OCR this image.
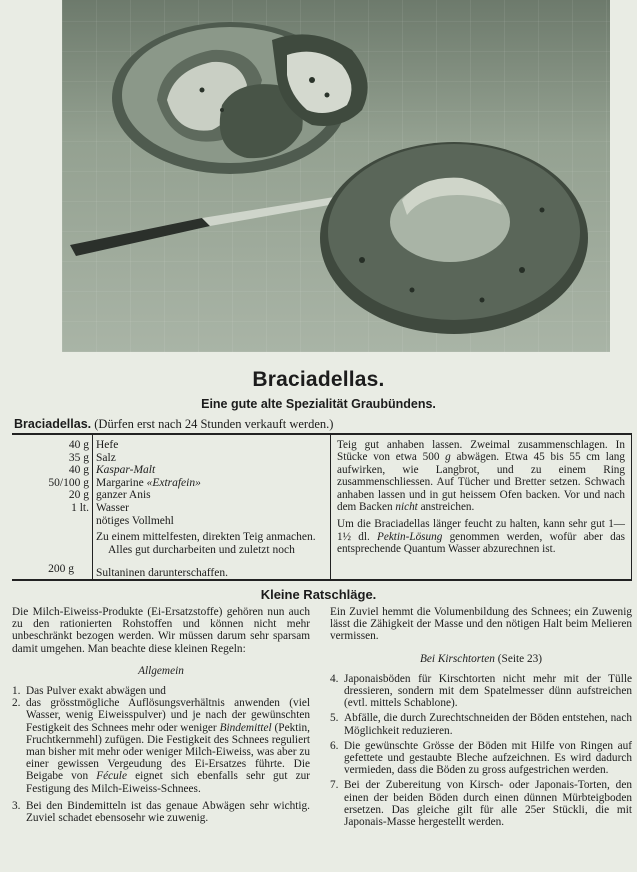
Braciadellas.
Eine gute alte Spezialität Graubündens.
Braciadellas. (Dürfen erst nach 24 Stunden verkauft werden.)
40 g
35 g
40 g
50/100 g
20 g
1 lt.
200 g
Hefe
Salz
Kaspar-Malt
Margarine «Extrafein»
ganzer Anis
Wasser
nötiges Vollmehl
Zu einem mittelfesten, direkten Teig anmachen. Alles gut durcharbeiten und zuletzt noch
Sultaninen darunterschaffen.

Teig gut anhaben lassen. Zweimal zusammenschlagen. In Stücke von etwa 500 g abwägen. Etwa 45 bis 55 cm lang aufwirken, wie Langbrot, und zu einem Ring zusammenschliessen. Auf Tücher und Bretter setzen. Schwach anhaben lassen und in gut heissem Ofen backen. Vor und nach dem Backen nicht anstreichen.

Um die Braciadellas länger feucht zu halten, kann sehr gut 1—1½ dl. Pektin-Lösung genommen werden, wofür aber das entsprechende Quantum Wasser abzurechnen ist.

Kleine Ratschläge.

Die Milch-Eiweiss-Produkte (Ei-Ersatzstoffe) gehören nun auch zu den rationierten Rohstoffen und können nicht mehr unbeschränkt bezogen werden. Wir müssen darum sehr sparsam damit umgehen. Man beachte diese kleinen Regeln:

Allgemein

1. Das Pulver exakt abwägen und
2. das grösstmögliche Auflösungsverhältnis anwenden (viel Wasser, wenig Eiweisspulver) und je nach der gewünschten Festigkeit des Schnees mehr oder weniger Bindemittel (Pektin, Fruchtkernmehl) zufügen. Die Festigkeit des Schnees reguliert man bisher mit mehr oder weniger Milch-Eiweiss, was aber zu einer gewissen Vergeudung des Ei-Ersatzes führte. Die Beigabe von Fécule eignet sich ebenfalls sehr gut zur Festigung des Milch-Eiweiss-Schnees.
3. Bei den Bindemitteln ist das genaue Abwägen sehr wichtig. Zuviel schadet ebensosehr wie zuwenig.

Ein Zuviel hemmt die Volumenbildung des Schnees; ein Zuwenig lässt die Zähigkeit der Masse und den nötigen Halt beim Melieren vermissen.

Bei Kirschtorten (Seite 23)

4. Japonaisböden für Kirschtorten nicht mehr mit der Tülle dressieren, sondern mit dem Spatelmesser dünn aufstreichen (evtl. mittels Schablone).
5. Abfälle, die durch Zurechtschneiden der Böden entstehen, nach Möglichkeit reduzieren.
6. Die gewünschte Grösse der Böden mit Hilfe von Ringen auf gefettete und gestaubte Bleche aufzeichnen. Es wird dadurch vermieden, dass die Böden zu gross aufgestrichen werden.
7. Bei der Zubereitung von Kirsch- oder Japonais-Torten, den einen der beiden Böden durch einen dünnen Mürbteigboden ersetzen. Das gleiche gilt für alle 25er Stückli, die mit Japonais-Masse hergestellt werden.
